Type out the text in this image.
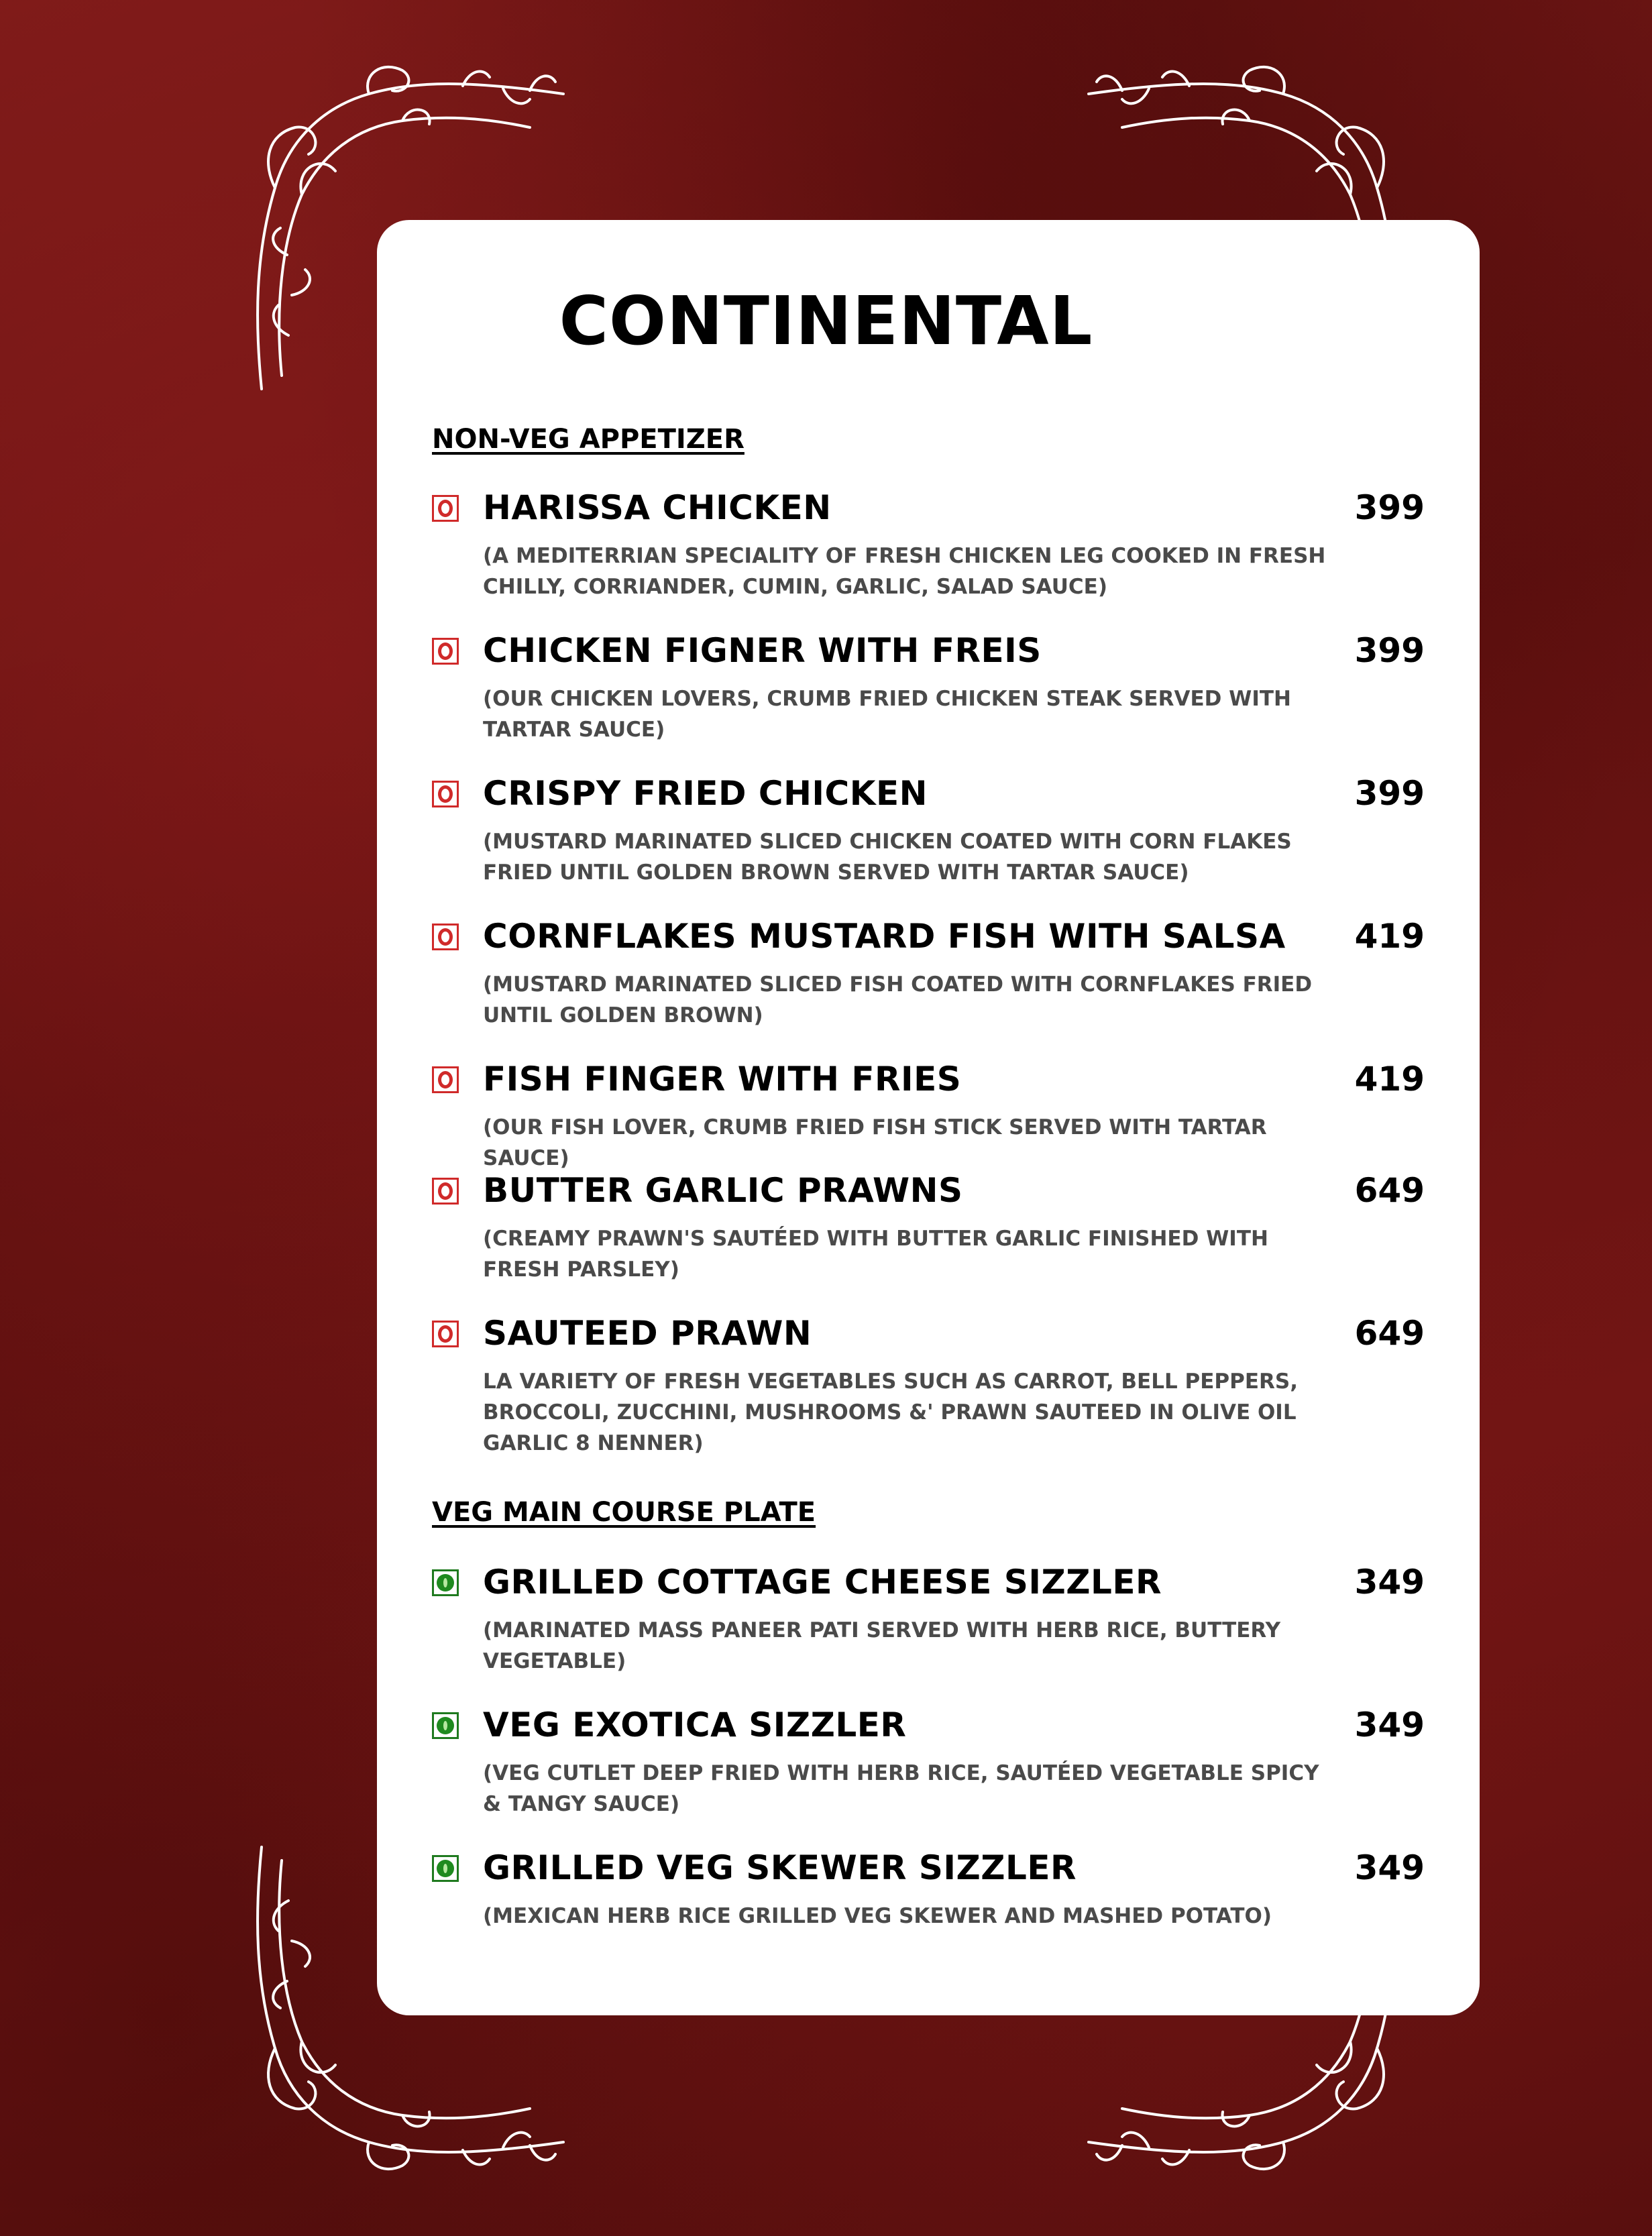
CONTINENTAL
NON-VEG APPETIZER
HARISSA CHICKEN	399
(A MEDITERRIAN SPECIALITY OF FRESH CHICKEN LEG COOKED IN FRESH CHILLY, CORRIANDER, CUMIN, GARLIC, SALAD SAUCE)
CHICKEN FIGNER WITH FREIS	399
(OUR CHICKEN LOVERS, CRUMB FRIED CHICKEN STEAK SERVED WITH TARTAR SAUCE)
CRISPY FRIED CHICKEN	399
(MUSTARD MARINATED SLICED CHICKEN COATED WITH CORN FLAKES FRIED UNTIL GOLDEN BROWN SERVED WITH TARTAR SAUCE)
CORNFLAKES MUSTARD FISH WITH SALSA	419
(MUSTARD MARINATED SLICED FISH COATED WITH CORNFLAKES FRIED UNTIL GOLDEN BROWN)
FISH FINGER WITH FRIES	419
(OUR FISH LOVER, CRUMB FRIED FISH STICK SERVED WITH TARTAR SAUCE)
BUTTER GARLIC PRAWNS	649
(CREAMY PRAWN'S SAUTÉED WITH BUTTER GARLIC FINISHED WITH FRESH PARSLEY)
SAUTEED PRAWN	649
LA VARIETY OF FRESH VEGETABLES SUCH AS CARROT, BELL PEPPERS, BROCCOLI, ZUCCHINI, MUSHROOMS &' PRAWN SAUTEED IN OLIVE OIL GARLIC 8 NENNER)
VEG MAIN COURSE PLATE
GRILLED COTTAGE CHEESE SIZZLER	349
(MARINATED MASS PANEER PATI SERVED WITH HERB RICE, BUTTERY VEGETABLE)
VEG EXOTICA SIZZLER	349
(VEG CUTLET DEEP FRIED WITH HERB RICE, SAUTÉED VEGETABLE SPICY & TANGY SAUCE)
GRILLED VEG SKEWER SIZZLER	349
(MEXICAN HERB RICE GRILLED VEG SKEWER AND MASHED POTATO)
